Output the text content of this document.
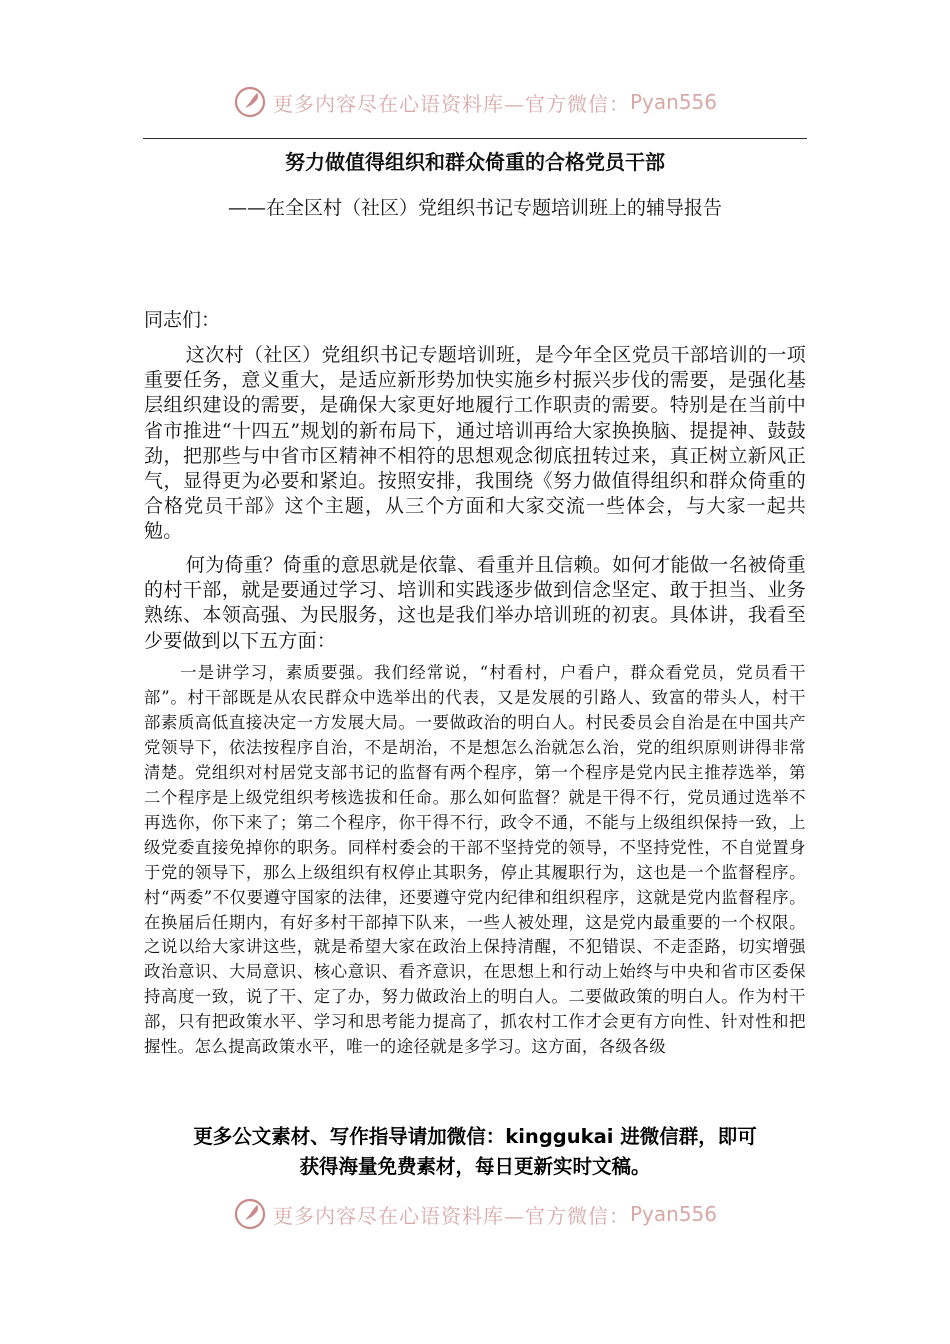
更多内容尽在心语资料库—官方微信： Pyan556
努力做值得组织和群众倚重的合格党员干部
——在全区村（社区）党组织书记专题培训班上的辅导报告
同志们：

这次村（社区）党组织书记专题培训班，是今年全区党员干部培训的一项重要任务，意义重大，是适应新形势加快实施乡村振兴步伐的需要，是强化基层组织建设的需要，是确保大家更好地履行工作职责的需要。特别是在当前中省市推进“十四五”规划的新布局下，通过培训再给大家换换脑、提提神、鼓鼓劲，把那些与中省市区精神不相符的思想观念彻底扭转过来，真正树立新风正气，显得更为必要和紧迫。按照安排，我围绕《努力做值得组织和群众倚重的合格党员干部》这个主题，从三个方面和大家交流一些体会，与大家一起共勉。

何为倚重？倚重的意思就是依靠、看重并且信赖。如何才能做一名被倚重的村干部，就是要通过学习、培训和实践逐步做到信念坚定、敢于担当、业务熟练、本领高强、为民服务，这也是我们举办培训班的初衷。具体讲，我看至少要做到以下五方面：

一是讲学习，素质要强。我们经常说，“村看村，户看户，群众看党员，党员看干部”。村干部既是从农民群众中选举出的代表，又是发展的引路人、致富的带头人，村干部素质高低直接决定一方发展大局。一要做政治的明白人。村民委员会自治是在中国共产党领导下，依法按程序自治，不是胡治，不是想怎么治就怎么治，党的组织原则讲得非常清楚。党组织对村居党支部书记的监督有两个程序，第一个程序是党内民主推荐选举，第二个程序是上级党组织考核选拔和任命。那么如何监督？就是干得不行，党员通过选举不再选你，你下来了；第二个程序，你干得不行，政令不通，不能与上级组织保持一致，上级党委直接免掉你的职务。同样村委会的干部不坚持党的领导，不坚持党性，不自觉置身于党的领导下，那么上级组织有权停止其职务，停止其履职行为，这也是一个监督程序。村“两委”不仅要遵守国家的法律，还要遵守党内纪律和组织程序，这就是党内监督程序。在换届后任期内，有好多村干部掉下队来，一些人被处理，这是党内最重要的一个权限。之说以给大家讲这些，就是希望大家在政治上保持清醒，不犯错误、不走歪路，切实增强政治意识、大局意识、核心意识、看齐意识，在思想上和行动上始终与中央和省市区委保持高度一致，说了干、定了办，努力做政治上的明白人。二要做政策的明白人。作为村干部，只有把政策水平、学习和思考能力提高了，抓农村工作才会更有方向性、针对性和把握性。怎么提高政策水平，唯一的途径就是多学习。这方面，各级各级

更多公文素材、写作指导请加微信：kinggukai 进微信群，即可
获得海量免费素材，每日更新实时文稿。
更多内容尽在心语资料库—官方微信： Pyan556
